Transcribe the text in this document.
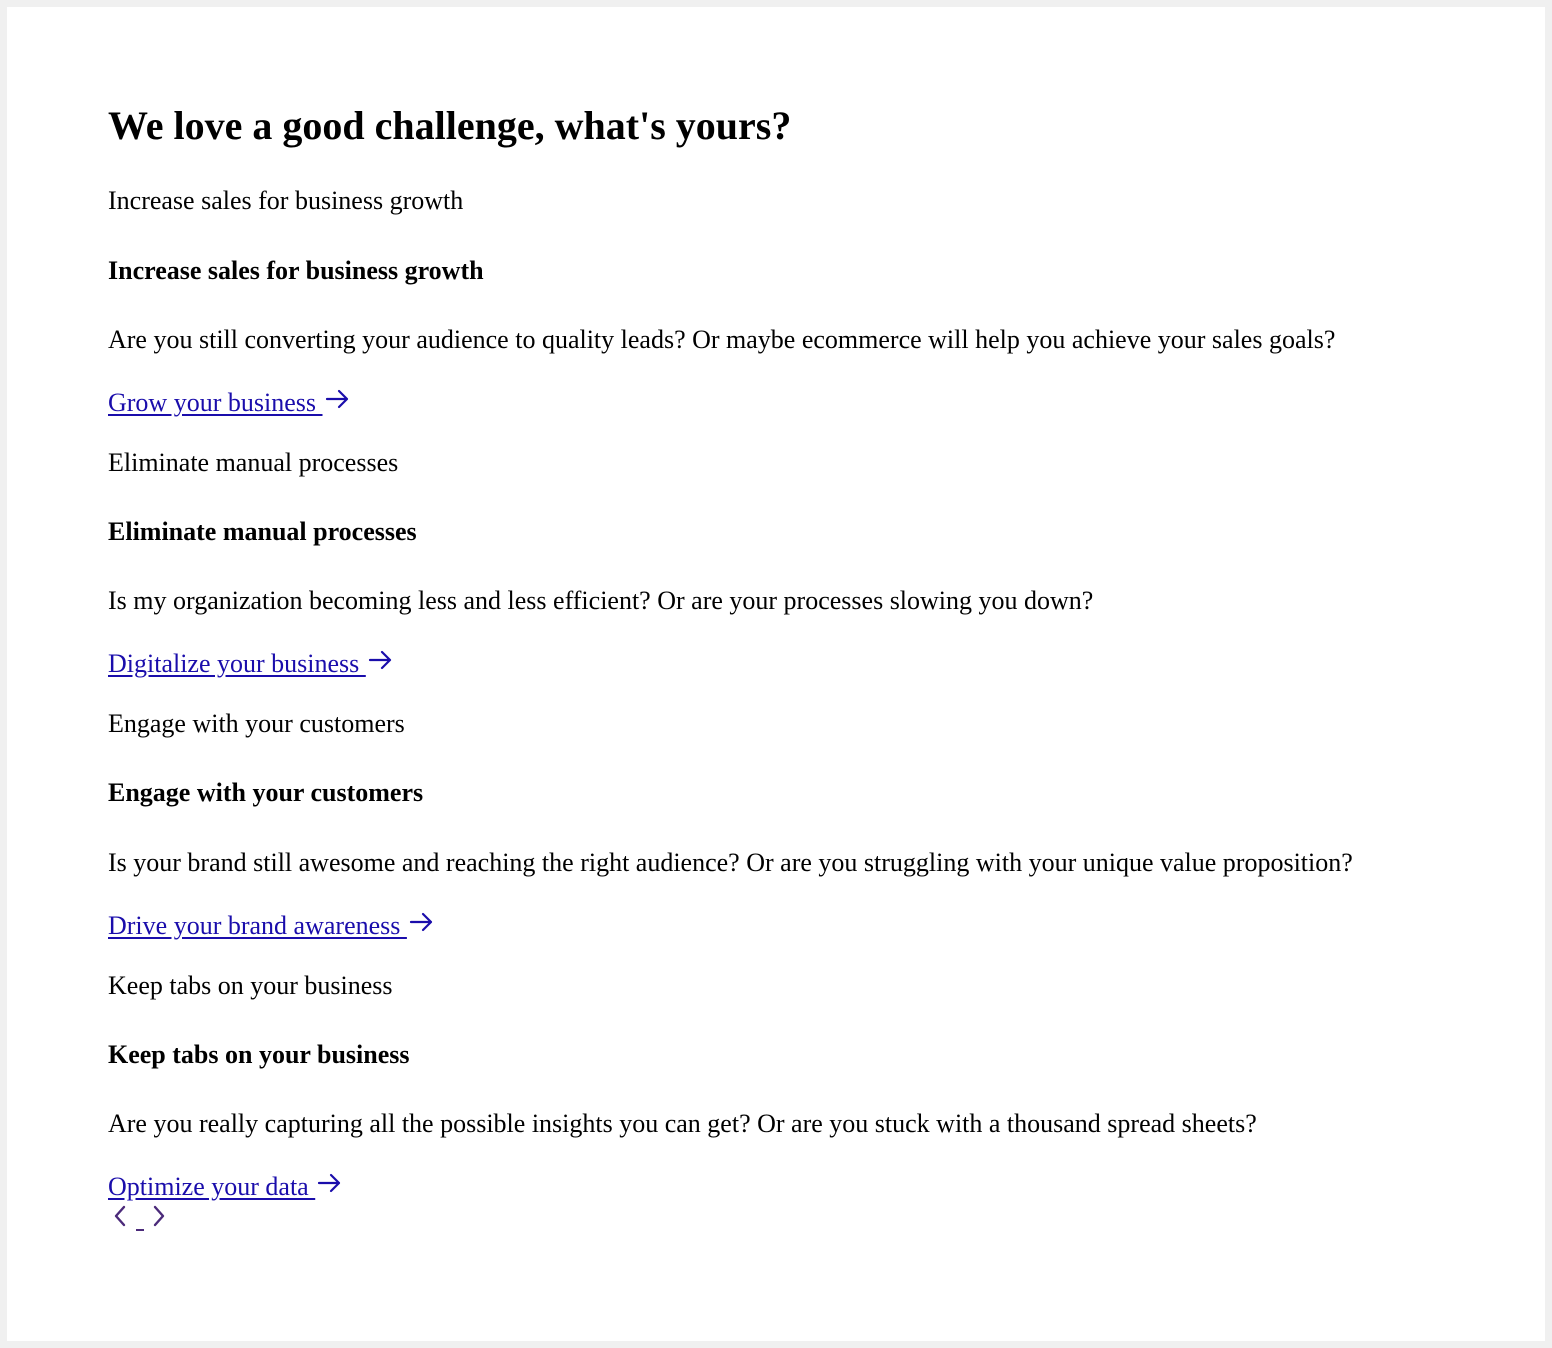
We love a good challenge, what's yours?

Increase sales for business growth

Increase sales for business growth

Are you still converting your audience to quality leads? Or maybe ecommerce will help you achieve your sales goals?

Grow your business

Eliminate manual processes

Eliminate manual processes

Is my organization becoming less and less efficient? Or are your processes slowing you down?

Digitalize your business

Engage with your customers

Engage with your customers

Is your brand still awesome and reaching the right audience? Or are you struggling with your unique value proposition?

Drive your brand awareness

Keep tabs on your business

Keep tabs on your business

Are you really capturing all the possible insights you can get? Or are you stuck with a thousand spread sheets?

Optimize your data
